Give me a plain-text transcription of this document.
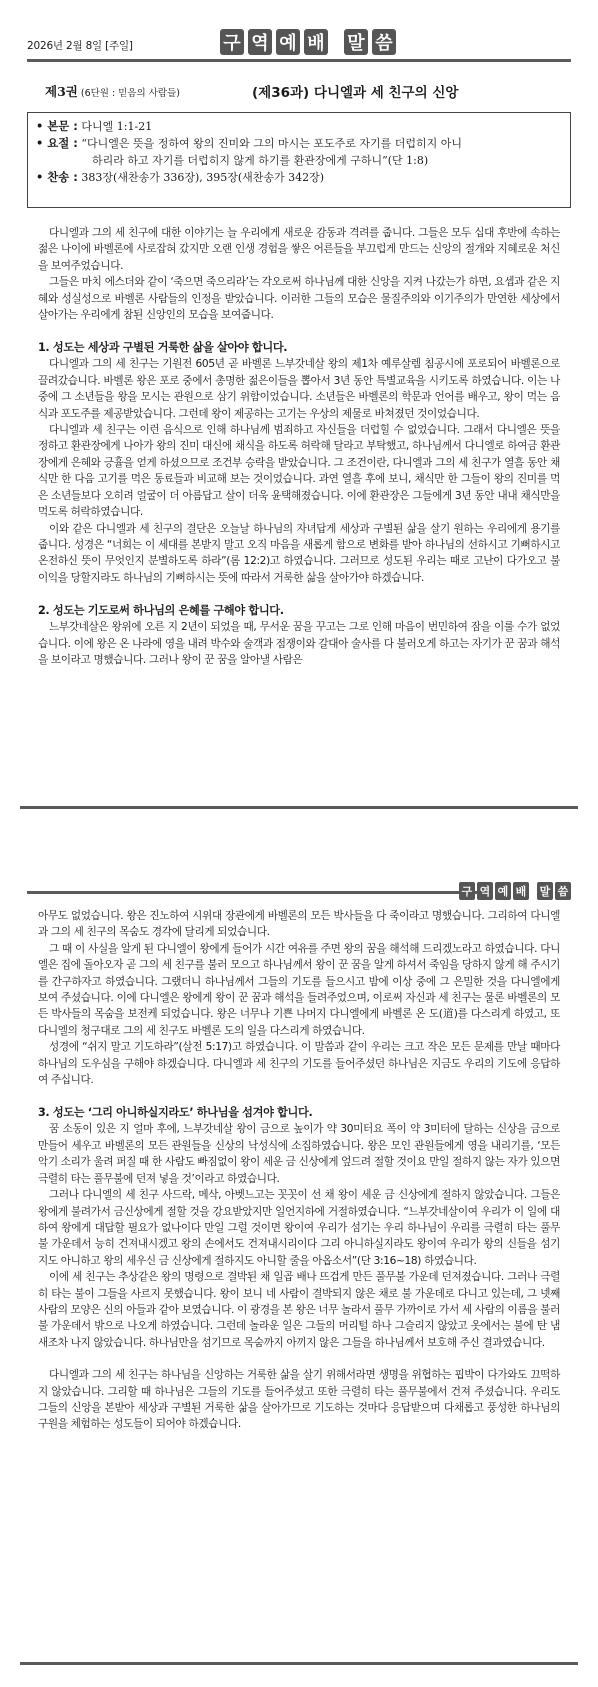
2026년 2월 8일 [주일]	구 역 예 배 말 씀
제3권 (6단원 : 믿음의 사람들)	(제36과) 다니엘과 세 친구의 신앙
• 본문 :
다니엘 1:1-21
• 요절 :
“다니엘은 뜻을 정하여 왕의 진미와 그의 마시는 포도주로 자기를 더럽히지 아니
하리라 하고 자기를 더럽히지 않게 하기를 환관장에게 구하니”(단 1:8)
• 찬송 :
383장(새찬송가 336장), 395장(새찬송가 342장)

다니엘과 그의 세 친구에 대한 이야기는 늘 우리에게 새로운 감동과 격려를 줍니다. 그들은 모두 십대 후반에 속하는 젊은 나이에 바벨론에 사로잡혀 갔지만 오랜 인생 경험을 쌓은 어른들을 부끄럽게 만드는 신앙의 절개와 지혜로운 처신을 보여주었습니다.

그들은 마치 에스더와 같이 ‘죽으면 죽으리라’는 각오로써 하나님께 대한 신앙을 지켜 나갔는가 하면, 요셉과 같은 지혜와 성실성으로 바벨론 사람들의 인정을 받았습니다. 이러한 그들의 모습은 물질주의와 이기주의가 만연한 세상에서 살아가는 우리에게 참된 신앙인의 모습을 보여줍니다.

1. 성도는 세상과 구별된 거룩한 삶을 살아야 합니다.

다니엘과 그의 세 친구는 기원전 605년 곧 바벨론 느부갓네살 왕의 제1차 예루살렘 침공시에 포로되어 바벨론으로 끌려갔습니다. 바벨론 왕은 포로 중에서 총명한 젊은이들을 뽑아서 3년 동안 특별교육을 시키도록 하였습니다. 이는 나중에 그 소년들을 왕을 모시는 관원으로 삼기 위함이었습니다. 소년들은 바벨론의 학문과 언어를 배우고, 왕이 먹는 음식과 포도주를 제공받았습니다. 그런데 왕이 제공하는 고기는 우상의 제물로 바쳐졌던 것이었습니다.

다니엘과 세 친구는 이런 음식으로 인해 하나님께 범죄하고 자신들을 더럽힐 수 없었습니다. 그래서 다니엘은 뜻을 정하고 환관장에게 나아가 왕의 진미 대신에 채식을 하도록 허락해 달라고 부탁했고, 하나님께서 다니엘로 하여금 환관장에게 은혜와 긍휼을 얻게 하셨으므로 조건부 승락을 받았습니다. 그 조건이란, 다니엘과 그의 세 친구가 열흘 동안 채식만 한 다음 고기를 먹은 동료들과 비교해 보는 것이었습니다. 과연 열흘 후에 보니, 채식만 한 그들이 왕의 진미를 먹은 소년들보다 오히려 얼굴이 더 아름답고 살이 더욱 윤택해졌습니다. 이에 환관장은 그들에게 3년 동안 내내 채식만을 먹도록 허락하였습니다.

이와 같은 다니엘과 세 친구의 결단은 오늘날 하나님의 자녀답게 세상과 구별된 삶을 살기 원하는 우리에게 용기를 줍니다. 성경은 “너희는 이 세대를 본받지 말고 오직 마음을 새롭게 함으로 변화를 받아 하나님의 선하시고 기뻐하시고 온전하신 뜻이 무엇인지 분별하도록 하라”(롬 12:2)고 하였습니다. 그러므로 성도된 우리는 때로 고난이 다가오고 불이익을 당할지라도 하나님의 기뻐하시는 뜻에 따라서 거룩한 삶을 살아가야 하겠습니다.

2. 성도는 기도로써 하나님의 은혜를 구해야 합니다.

느부갓네살은 왕위에 오른 지 2년이 되었을 때, 무서운 꿈을 꾸고는 그로 인해 마음이 번민하여 잠을 이룰 수가 없었습니다. 이에 왕은 온 나라에 영을 내려 박수와 술객과 점쟁이와 갈대아 술사를 다 불러오게 하고는 자기가 꾼 꿈과 해석을 보이라고 명했습니다. 그러나 왕이 꾼 꿈을 알아낼 사람은

구 역 예 배 말 씀

아무도 없었습니다. 왕은 진노하여 시위대 장관에게 바벨론의 모든 박사들을 다 죽이라고 명했습니다. 그리하여 다니엘과 그의 세 친구의 목숨도 경각에 달리게 되었습니다.

그 때 이 사실을 알게 된 다니엘이 왕에게 들어가 시간 여유를 주면 왕의 꿈을 해석해 드리겠노라고 하였습니다. 다니엘은 집에 돌아오자 곧 그의 세 친구를 불러 모으고 하나님께서 왕이 꾼 꿈을 알게 하셔서 죽임을 당하지 않게 해 주시기를 간구하자고 하였습니다. 그랬더니 하나님께서 그들의 기도를 들으시고 밤에 이상 중에 그 은밀한 것을 다니엘에게 보여 주셨습니다. 이에 다니엘은 왕에게 왕이 꾼 꿈과 해석을 들려주었으며, 이로써 자신과 세 친구는 물론 바벨론의 모든 박사들의 목숨을 보전케 되었습니다. 왕은 너무나 기쁜 나머지 다니엘에게 바벨론 온 도(道)를 다스리게 하였고, 또 다니엘의 청구대로 그의 세 친구도 바벨론 도의 일을 다스리게 하였습니다.

성경에 “쉬지 말고 기도하라”(살전 5:17)고 하였습니다. 이 말씀과 같이 우리는 크고 작은 모든 문제를 만날 때마다 하나님의 도우심을 구해야 하겠습니다. 다니엘과 세 친구의 기도를 들어주셨던 하나님은 지금도 우리의 기도에 응답하여 주십니다.

3. 성도는 ‘그리 아니하실지라도’ 하나님을 섬겨야 합니다.

꿈 소동이 있은 지 얼마 후에, 느부갓네살 왕이 금으로 높이가 약 30미터요 폭이 약 3미터에 달하는 신상을 금으로 만들어 세우고 바벨론의 모든 관원들을 신상의 낙성식에 소집하였습니다. 왕은 모인 관원들에게 영을 내리기를, ‘모든 악기 소리가 울려 퍼질 때 한 사람도 빠짐없이 왕이 세운 금 신상에게 엎드려 절할 것이요 만일 절하지 않는 자가 있으면 극렬히 타는 풀무불에 던져 넣을 것’이라고 하였습니다.

그러나 다니엘의 세 친구 사드락, 메삭, 아벳느고는 꼿꼿이 선 채 왕이 세운 금 신상에게 절하지 않았습니다. 그들은 왕에게 불려가서 금신상에게 절할 것을 강요받았지만 일언지하에 거절하였습니다. “느부갓네살이여 우리가 이 일에 대하여 왕에게 대답할 필요가 없나이다 만일 그럴 것이면 왕이여 우리가 섬기는 우리 하나님이 우리를 극렬히 타는 풀무불 가운데서 능히 건져내시겠고 왕의 손에서도 건져내시리이다 그리 아니하실지라도 왕이여 우리가 왕의 신들을 섬기지도 아니하고 왕의 세우신 금 신상에게 절하지도 아니할 줄을 아옵소서”(단 3:16~18) 하였습니다.

이에 세 친구는 추상같은 왕의 명령으로 결박된 채 일곱 배나 뜨겁게 만든 풀무불 가운데 던져졌습니다. 그러나 극렬히 타는 불이 그들을 사르지 못했습니다. 왕이 보니 네 사람이 결박되지 않은 채로 불 가운데로 다니고 있는데, 그 넷째 사람의 모양은 신의 아들과 같아 보였습니다. 이 광경을 본 왕은 너무 놀라서 풀무 가까이로 가서 세 사람의 이름을 불러 불 가운데서 밖으로 나오게 하였습니다. 그런데 놀라운 일은 그들의 머리털 하나 그슬리지 않았고 옷에서는 불에 탄 냄새조차 나지 않았습니다. 하나님만을 섬기므로 목숨까지 아끼지 않은 그들을 하나님께서 보호해 주신 결과였습니다.

다니엘과 그의 세 친구는 하나님을 신앙하는 거룩한 삶을 살기 위해서라면 생명을 위협하는 핍박이 다가와도 끄떡하지 않았습니다. 그리할 때 하나님은 그들의 기도를 들어주셨고 또한 극렬히 타는 풀무불에서 건져 주셨습니다. 우리도 그들의 신앙을 본받아 세상과 구별된 거룩한 삶을 살아가므로 기도하는 것마다 응답받으며 다채롭고 풍성한 하나님의 구원을 체험하는 성도들이 되어야 하겠습니다.
